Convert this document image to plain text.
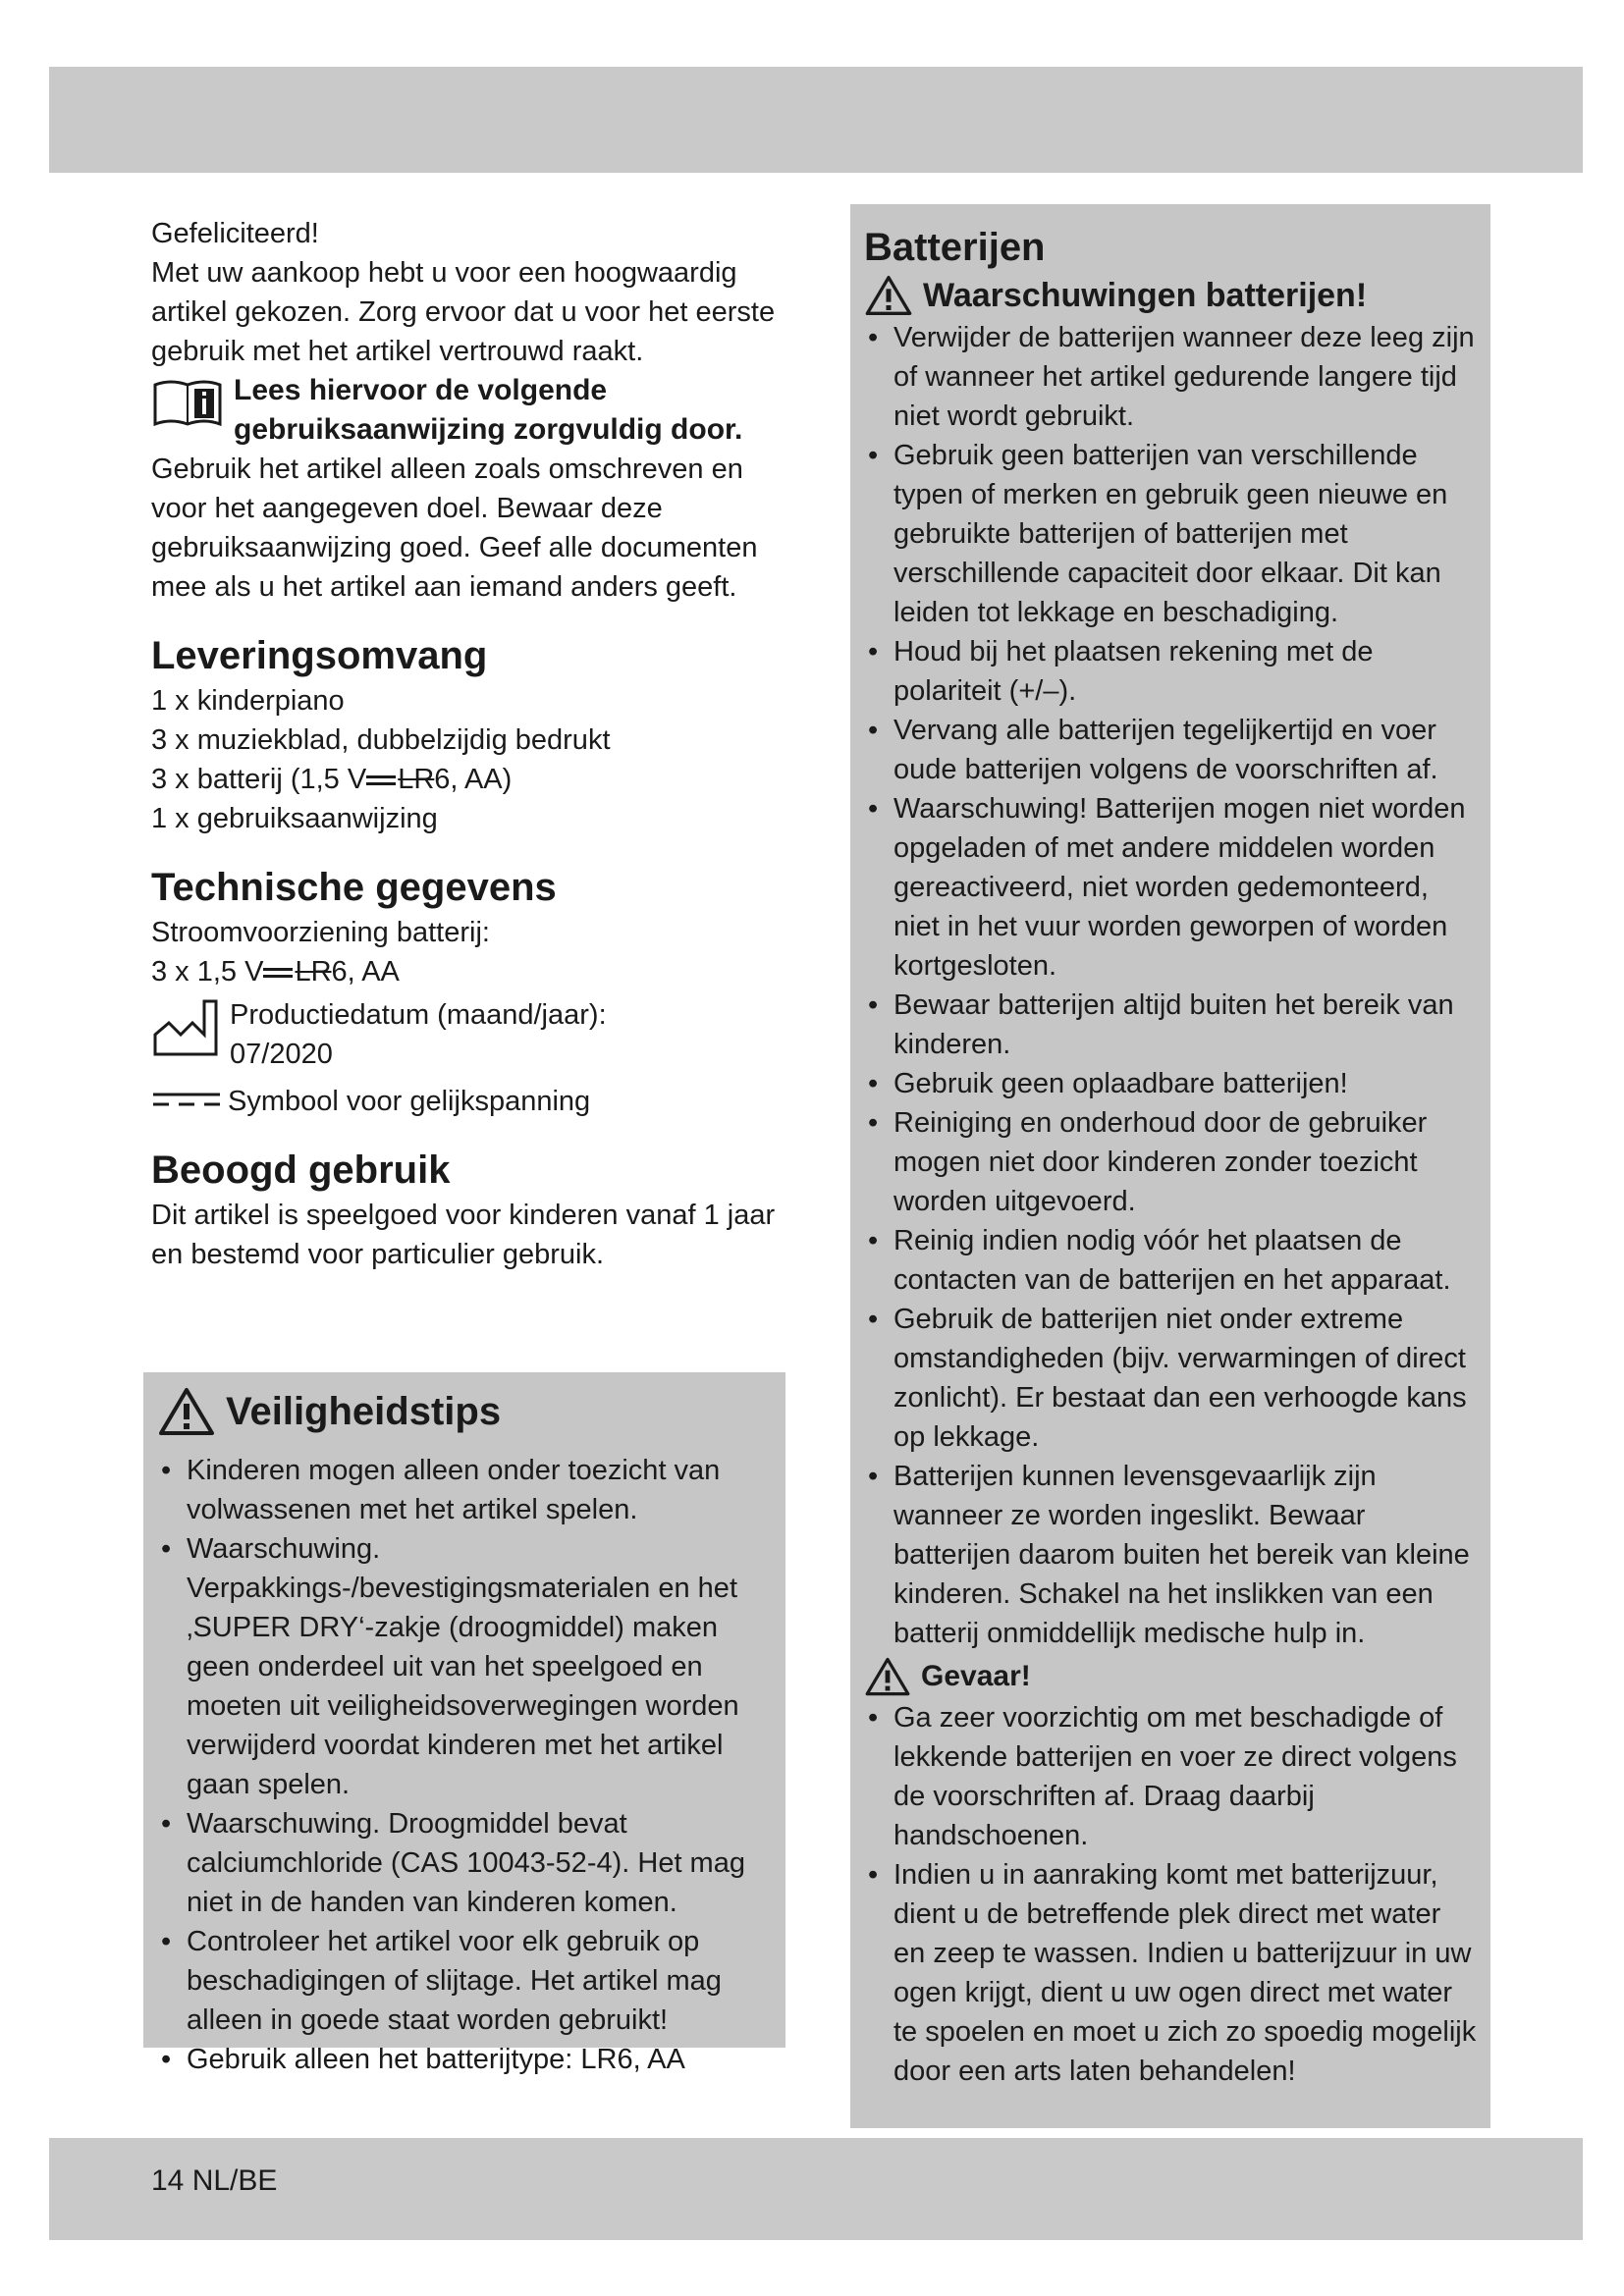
Gefeliciteerd!

Met uw aankoop hebt u voor een hoogwaardig artikel gekozen. Zorg ervoor dat u voor het eerste gebruik met het artikel vertrouwd raakt.

Lees hiervoor de volgende gebruiksaanwijzing zorgvuldig door.

Gebruik het artikel alleen zoals omschreven en voor het aangegeven doel. Bewaar deze gebruiksaanwijzing goed. Geef alle documenten mee als u het artikel aan iemand anders geeft.

Leveringsomvang
1 x kinderpiano
3 x muziekblad, dubbelzijdig bedrukt
3 x batterij (1,5 V LR6, AA)
1 x gebruiksaanwijzing
Technische gegevens
Stroomvoorziening batterij:
3 x 1,5 V LR6, AA
Productiedatum (maand/jaar):
07/2020
Symbool voor gelijkspanning
Beoogd gebruik
Dit artikel is speelgoed voor kinderen vanaf 1 jaar en bestemd voor particulier gebruik.
Veiligheidstips
• Kinderen mogen alleen onder toezicht van volwassenen met het artikel spelen.
• Waarschuwing. Verpakkings-/bevestigingsmaterialen en het ‚SUPER DRY‘-zakje (droogmiddel) maken geen onderdeel uit van het speelgoed en moeten uit veiligheidsoverwegingen worden verwijderd voordat kinderen met het artikel gaan spelen.
• Waarschuwing. Droogmiddel bevat calciumchloride (CAS 10043-52-4). Het mag niet in de handen van kinderen komen.
• Controleer het artikel voor elk gebruik op beschadigingen of slijtage. Het artikel mag alleen in goede staat worden gebruikt!
• Gebruik alleen het batterijtype: LR6, AA
Batterijen
Waarschuwingen batterijen!
• Verwijder de batterijen wanneer deze leeg zijn of wanneer het artikel gedurende langere tijd niet wordt gebruikt.
• Gebruik geen batterijen van verschillende typen of merken en gebruik geen nieuwe en gebruikte batterijen of batterijen met verschillende capaciteit door elkaar. Dit kan leiden tot lekkage en beschadiging.
• Houd bij het plaatsen rekening met de polariteit (+/–).
• Vervang alle batterijen tegelijkertijd en voer oude batterijen volgens de voorschriften af.
• Waarschuwing! Batterijen mogen niet worden opgeladen of met andere middelen worden gereactiveerd, niet worden gedemonteerd, niet in het vuur worden geworpen of worden kortgesloten.
• Bewaar batterijen altijd buiten het bereik van kinderen.
• Gebruik geen oplaadbare batterijen!
• Reiniging en onderhoud door de gebruiker mogen niet door kinderen zonder toezicht worden uitgevoerd.
• Reinig indien nodig vóór het plaatsen de contacten van de batterijen en het apparaat.
• Gebruik de batterijen niet onder extreme omstandigheden (bijv. verwarmingen of direct zonlicht). Er bestaat dan een verhoogde kans op lekkage.
• Batterijen kunnen levensgevaarlijk zijn wanneer ze worden ingeslikt. Bewaar batterijen daarom buiten het bereik van kleine kinderen. Schakel na het inslikken van een batterij onmiddellijk medische hulp in.
Gevaar!
• Ga zeer voorzichtig om met beschadigde of lekkende batterijen en voer ze direct volgens de voorschriften af. Draag daarbij handschoenen.
• Indien u in aanraking komt met batterijzuur, dient u de betreffende plek direct met water en zeep te wassen. Indien u batterijzuur in uw ogen krijgt, dient u uw ogen direct met water te spoelen en moet u zich zo spoedig mogelijk door een arts laten behandelen!
14 NL/BE
